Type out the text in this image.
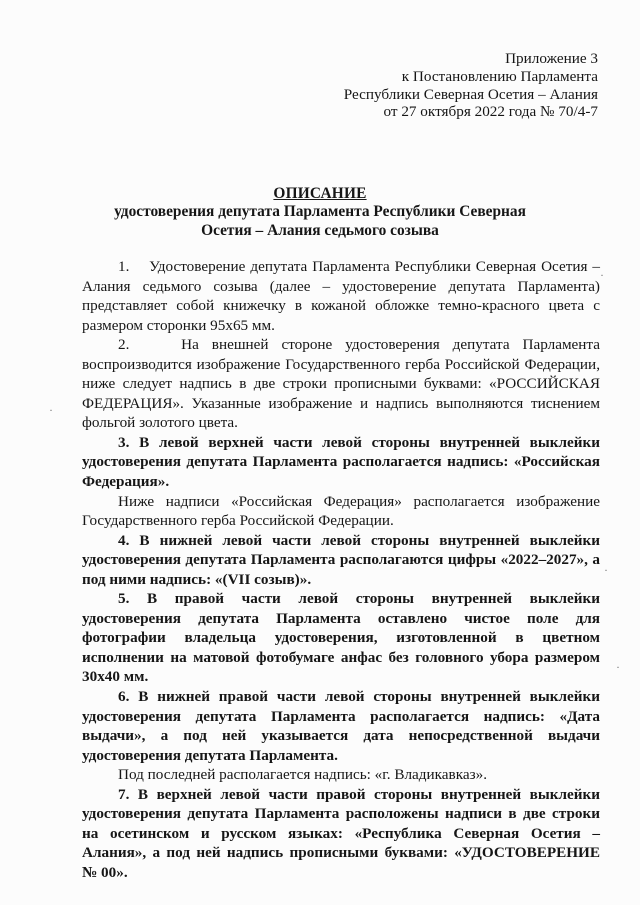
Приложение 3
к Постановлению Парламента
Республики Северная Осетия – Алания
от 27 октября 2022 года № 70/4-7
ОПИСАНИЕ
удостоверения депутата Парламента Республики Северная
Осетия – Алания седьмого созыва

1.    Удостоверение депутата Парламента Республики Северная Осетия – Алания седьмого созыва (далее – удостоверение депутата Парламента) представляет собой книжечку в кожаной обложке темно-красного цвета с размером сторонки 95х65 мм.

2.    На внешней стороне удостоверения депутата Парламента воспроизводится изображение Государственного герба Российской Федерации, ниже следует надпись в две строки прописными буквами: «РОССИЙСКАЯ ФЕДЕРАЦИЯ». Указанные изображение и надпись выполняются тиснением фольгой золотого цвета.

3. В левой верхней части левой стороны внутренней выклейки удостоверения депутата Парламента располагается надпись: «Российская Федерация».

Ниже надписи «Российская Федерация» располагается изображение Государственного герба Российской Федерации.

4. В нижней левой части левой стороны внутренней выклейки удостоверения депутата Парламента располагаются цифры «2022–2027», а под ними надпись: «(VII созыв)».

5. В правой части левой стороны внутренней выклейки удостоверения депутата Парламента оставлено чистое поле для фотографии владельца удостоверения, изготовленной в цветном исполнении на матовой фотобумаге анфас без головного убора размером 30х40 мм.

6. В нижней правой части левой стороны внутренней выклейки удостоверения депутата Парламента располагается надпись: «Дата выдачи», а под ней указывается дата непосредственной выдачи удостоверения депутата Парламента.

Под последней располагается надпись: «г. Владикавказ».

7. В верхней левой части правой стороны внутренней выклейки удостоверения депутата Парламента расположены надписи в две строки на осетинском и русском языках: «Республика Северная Осетия – Алания», а под ней надпись прописными буквами: «УДОСТОВЕРЕНИЕ № 00».

·
·
·
·
